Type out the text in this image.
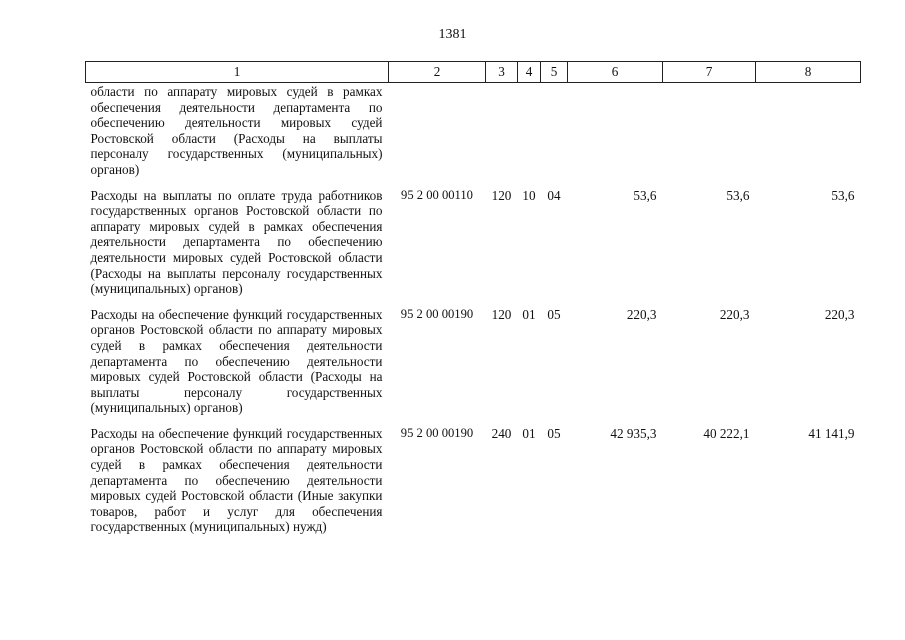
1381
1	2	3	4	5	6	7	8
области по аппарату мировых судей в рамках обеспечения деятельности департамента по обеспечению деятельности мировых судей Ростовской области (Расходы на выплаты персоналу государственных (муниципальных) органов)							
Расходы на выплаты по оплате труда работников государственных органов Ростовской области по аппарату мировых судей в рамках обеспечения деятельности департамента по обеспечению деятельности мировых судей Ростовской области (Расходы на выплаты персоналу государственных (муниципальных) органов)	95 2 00 00110	120	10	04	53,6	53,6	53,6
Расходы на обеспечение функций государственных органов Ростовской области по аппарату мировых судей в рамках обеспечения деятельности департамента по обеспечению деятельности мировых судей Ростовской области (Расходы на выплаты персоналу государственных (муниципальных) органов)	95 2 00 00190	120	01	05	220,3	220,3	220,3
Расходы на обеспечение функций государственных органов Ростовской области по аппарату мировых судей в рамках обеспечения деятельности департамента по обеспечению деятельности мировых судей Ростовской области (Иные закупки товаров, работ и услуг для обеспечения государственных (муниципальных) нужд)	95 2 00 00190	240	01	05	42 935,3	40 222,1	41 141,9
